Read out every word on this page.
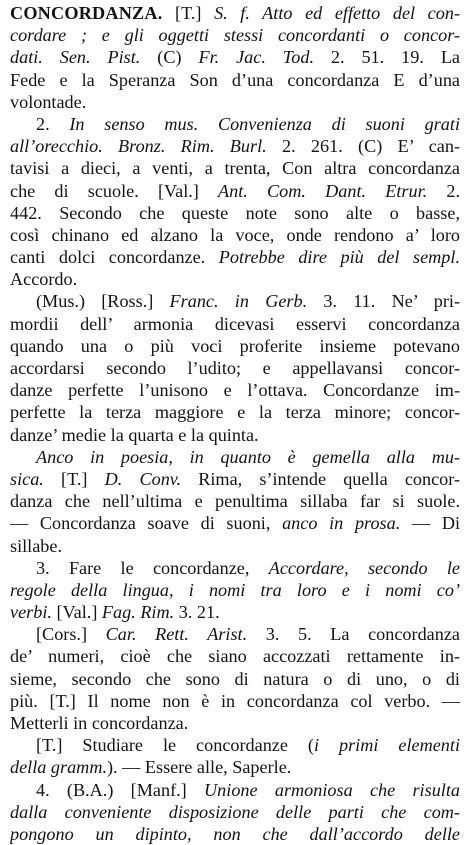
CONCORDANZA. [T.] S. f. Atto ed effetto del con-
cordare ; e gli oggetti stessi concordanti o concor-
dati. Sen. Pist. (C) Fr. Jac. Tod. 2. 51. 19. La
Fede e la Speranza Son d’una concordanza E d’una
volontade.
2. In senso mus. Convenienza di suoni grati
all’orecchio. Bronz. Rim. Burl. 2. 261. (C) E’ can-
tavisi a dieci, a venti, a trenta, Con altra concordanza
che di scuole. [Val.] Ant. Com. Dant. Etrur. 2.
442. Secondo che queste note sono alte o basse,
così chinano ed alzano la voce, onde rendono a’ loro
canti dolci concordanze. Potrebbe dire più del sempl.
Accordo.
(Mus.) [Ross.] Franc. in Gerb. 3. 11. Ne’ pri-
mordii dell’ armonia dicevasi esservi concordanza
quando una o più voci proferite insieme potevano
accordarsi secondo l’udito; e appellavansi concor-
danze perfette l’unisono e l’ottava. Concordanze im-
perfette la terza maggiore e la terza minore; concor-
danze’ medie la quarta e la quinta.
Anco in poesia, in quanto è gemella alla mu-
sica. [T.] D. Conv. Rima, s’intende quella concor-
danza che nell’ultima e penultima sillaba far si suole.
— Concordanza soave di suoni, anco in prosa. — Di
sillabe.
3. Fare le concordanze, Accordare, secondo le
regole della lingua, i nomi tra loro e i nomi co’
verbi. [Val.] Fag. Rim. 3. 21.
[Cors.] Car. Rett. Arist. 3. 5. La concordanza
de’ numeri, cioè che siano accozzati rettamente in-
sieme, secondo che sono di natura o di uno, o di
più. [T.] Il nome non è in concordanza col verbo. —
Metterli in concordanza.
[T.] Studiare le concordanze (i primi elementi
della gramm.). — Essere alle, Saperle.
4. (B.A.) [Manf.] Unione armoniosa che risulta
dalla conveniente disposizione delle parti che com-
pongono un dipinto, non che dall’accordo delle
